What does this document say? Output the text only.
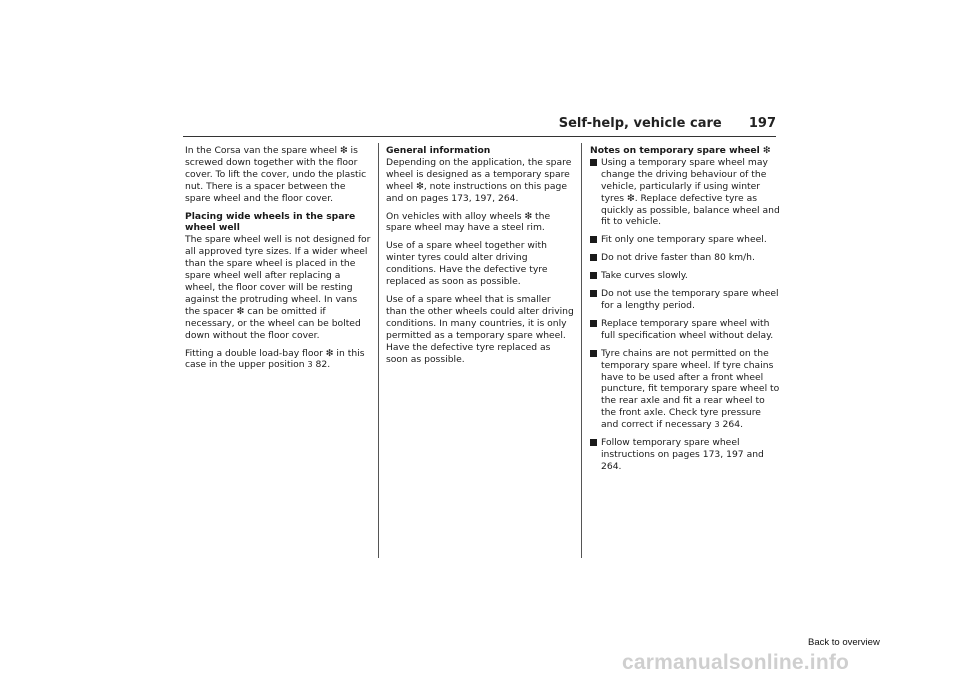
Self-help, vehicle care 197

In the Corsa van the spare wheel ❇ is screwed down together with the floor cover. To lift the cover, undo the plastic nut. There is a spacer between the spare wheel and the floor cover.

Placing wide wheels in the spare wheel well
The spare wheel well is not designed for all approved tyre sizes. If a wider wheel than the spare wheel is placed in the spare wheel well after replacing a wheel, the floor cover will be resting against the protruding wheel. In vans the spacer ❇ can be omitted if necessary, or the wheel can be bolted down without the floor cover.

Fitting a double load-bay floor ❇ in this case in the upper position 3 82.

General information
Depending on the application, the spare wheel is designed as a temporary spare wheel ❇, note instructions on this page and on pages 173, 197, 264.

On vehicles with alloy wheels ❇ the spare wheel may have a steel rim.

Use of a spare wheel together with winter tyres could alter driving conditions. Have the defective tyre replaced as soon as possible.

Use of a spare wheel that is smaller than the other wheels could alter driving conditions. In many countries, it is only permitted as a temporary spare wheel. Have the defective tyre replaced as soon as possible.

Notes on temporary spare wheel ❇
Using a temporary spare wheel may change the driving behaviour of the vehicle, particularly if using winter tyres ❇. Replace defective tyre as quickly as possible, balance wheel and fit to vehicle.
Fit only one temporary spare wheel.
Do not drive faster than 80 km/h.
Take curves slowly.
Do not use the temporary spare wheel for a lengthy period.
Replace temporary spare wheel with full specification wheel without delay.
Tyre chains are not permitted on the temporary spare wheel. If tyre chains have to be used after a front wheel puncture, fit temporary spare wheel to the rear axle and fit a rear wheel to the front axle. Check tyre pressure and correct if necessary 3 264.
Follow temporary spare wheel instructions on pages 173, 197 and 264.
Back to overview
carmanualsonline.info
